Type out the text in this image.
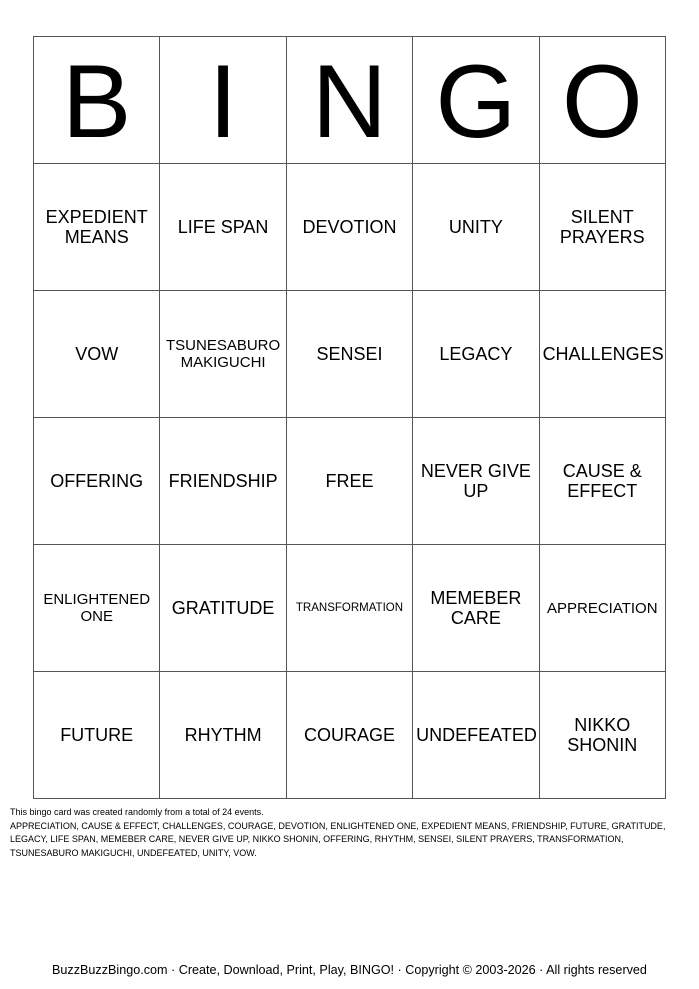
B	I	N	G	O
EXPEDIENT MEANS	LIFE SPAN	DEVOTION	UNITY	SILENT PRAYERS
VOW	TSUNESABURO MAKIGUCHI	SENSEI	LEGACY	CHALLENGES
OFFERING	FRIENDSHIP	FREE	NEVER GIVE UP	CAUSE & EFFECT
ENLIGHTENED ONE	GRATITUDE	TRANSFORMATION	MEMEBER CARE	APPRECIATION
FUTURE	RHYTHM	COURAGE	UNDEFEATED	NIKKO SHONIN
This bingo card was created randomly from a total of 24 events.
APPRECIATION, CAUSE & EFFECT, CHALLENGES, COURAGE, DEVOTION, ENLIGHTENED ONE, EXPEDIENT MEANS, FRIENDSHIP, FUTURE, GRATITUDE, LEGACY, LIFE SPAN, MEMEBER CARE, NEVER GIVE UP, NIKKO SHONIN, OFFERING, RHYTHM, SENSEI, SILENT PRAYERS, TRANSFORMATION, TSUNESABURO MAKIGUCHI, UNDEFEATED, UNITY, VOW.
BuzzBuzzBingo.com · Create, Download, Print, Play, BINGO! · Copyright © 2003-2026 · All rights reserved
